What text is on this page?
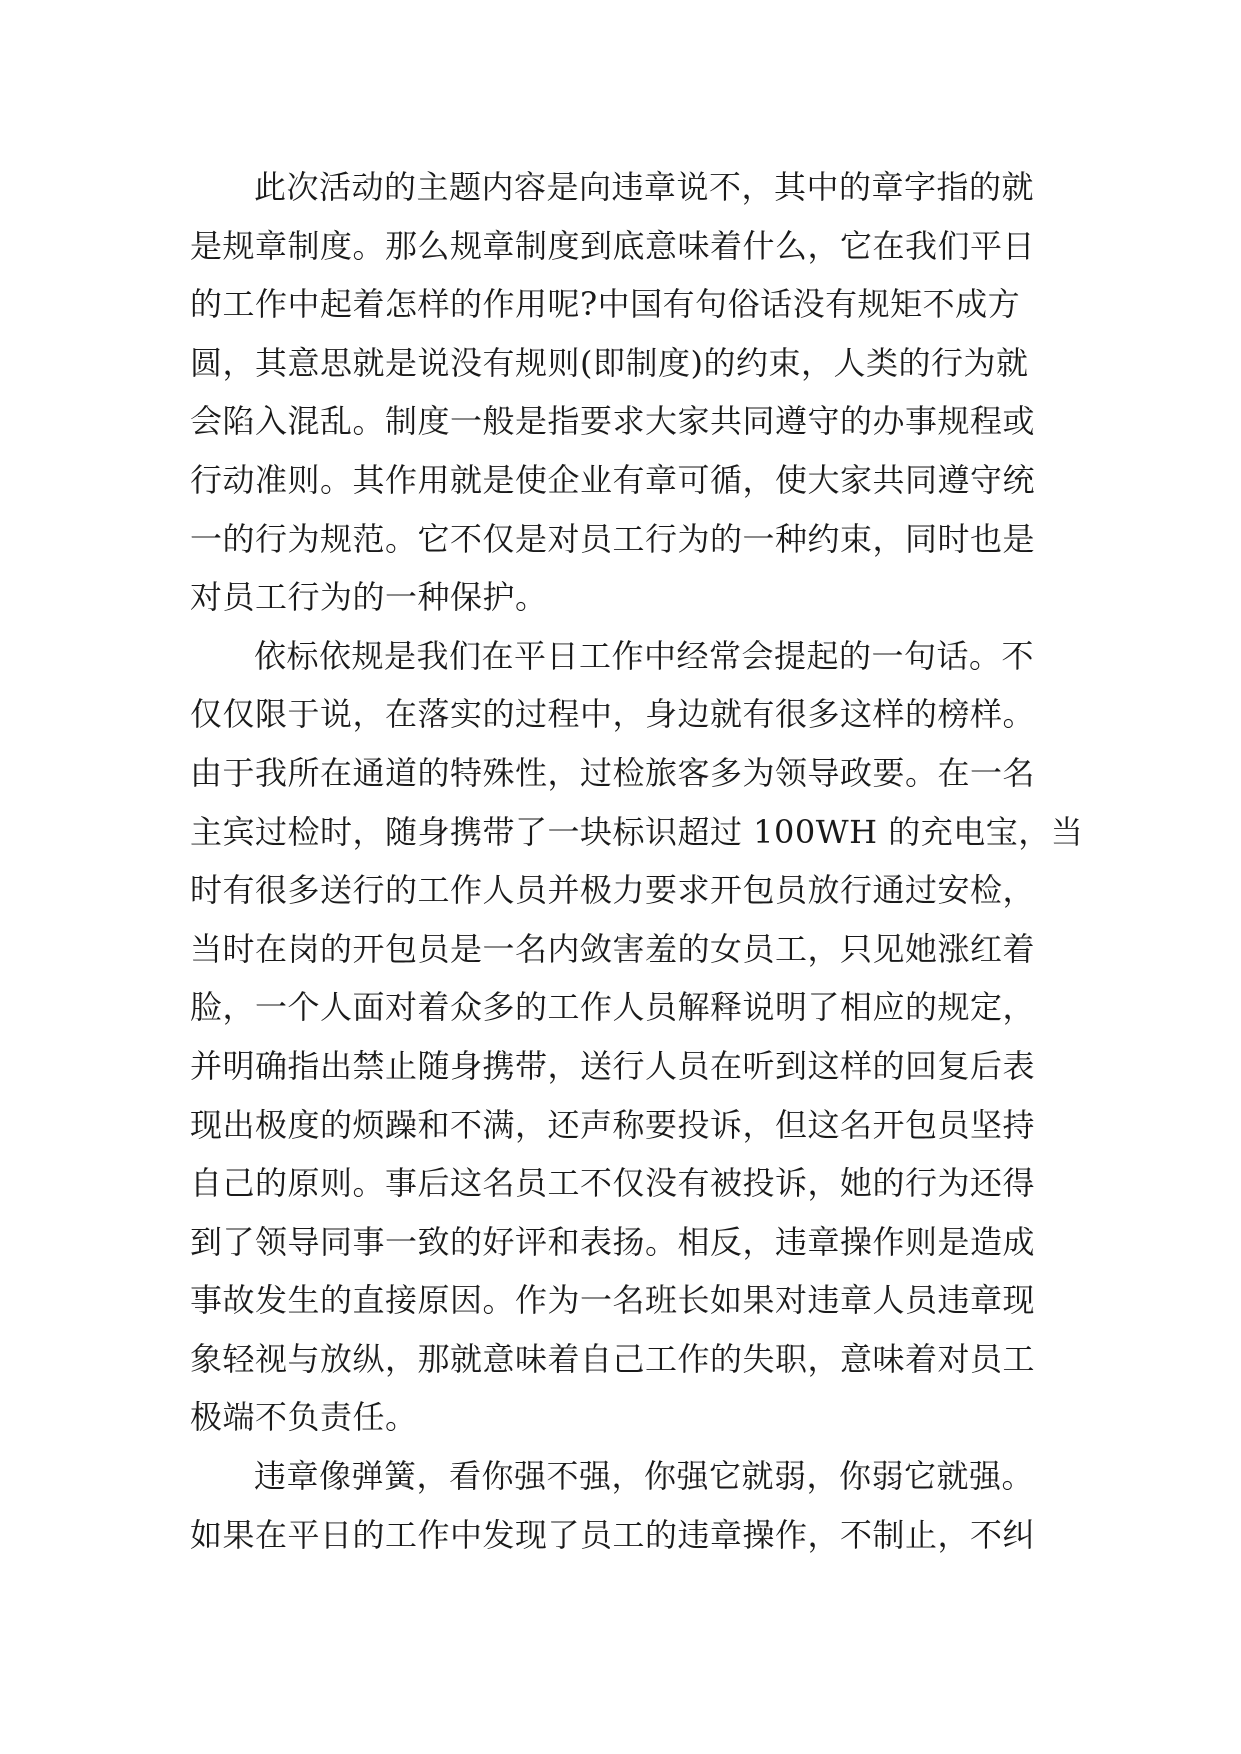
此次活动的主题内容是向违章说不，其中的章字指的就
是规章制度。那么规章制度到底意味着什么，它在我们平日
的工作中起着怎样的作用呢?中国有句俗话没有规矩不成方
圆，其意思就是说没有规则(即制度)的约束，人类的行为就
会陷入混乱。制度一般是指要求大家共同遵守的办事规程或
行动准则。其作用就是使企业有章可循，使大家共同遵守统
一的行为规范。它不仅是对员工行为的一种约束，同时也是
对员工行为的一种保护。
依标依规是我们在平日工作中经常会提起的一句话。不
仅仅限于说，在落实的过程中，身边就有很多这样的榜样。
由于我所在通道的特殊性，过检旅客多为领导政要。在一名
主宾过检时，随身携带了一块标识超过 100WH 的充电宝，当
时有很多送行的工作人员并极力要求开包员放行通过安检，
当时在岗的开包员是一名内敛害羞的女员工，只见她涨红着
脸，一个人面对着众多的工作人员解释说明了相应的规定，
并明确指出禁止随身携带，送行人员在听到这样的回复后表
现出极度的烦躁和不满，还声称要投诉，但这名开包员坚持
自己的原则。事后这名员工不仅没有被投诉，她的行为还得
到了领导同事一致的好评和表扬。相反，违章操作则是造成
事故发生的直接原因。作为一名班长如果对违章人员违章现
象轻视与放纵，那就意味着自己工作的失职，意味着对员工
极端不负责任。
违章像弹簧，看你强不强，你强它就弱，你弱它就强。
如果在平日的工作中发现了员工的违章操作，不制止，不纠
